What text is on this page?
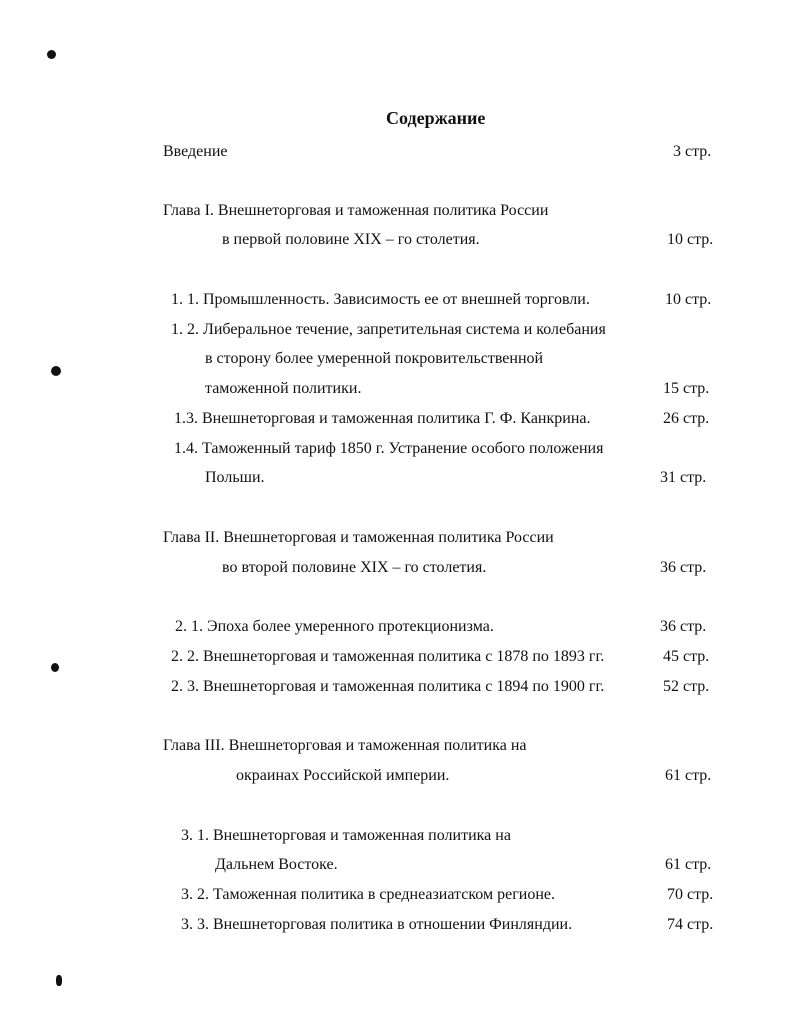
Содержание
Введение	3 стр.
Глава I. Внешнеторговая и таможенная политика России
в первой половине XIX – го столетия.	10 стр.
1. 1. Промышленность. Зависимость ее от внешней торговли.	10 стр.
1. 2. Либеральное течение, запретительная система и колебания
в сторону более умеренной покровительственной
таможенной политики.	15 стр.
1.3. Внешнеторговая и таможенная политика Г. Ф. Канкрина.	26 стр.
1.4. Таможенный тариф 1850 г. Устранение особого положения
Польши.	31 стр.
Глава II. Внешнеторговая и таможенная политика России
во второй половине XIX – го столетия.	36 стр.
2. 1. Эпоха более умеренного протекционизма.	36 стр.
2. 2. Внешнеторговая и таможенная политика с 1878 по 1893 гг.	45 стр.
2. 3. Внешнеторговая и таможенная политика с 1894 по 1900 гг.	52 стр.
Глава III. Внешнеторговая и таможенная политика на
окраинах Российской империи.	61 стр.
3. 1. Внешнеторговая и таможенная политика на
Дальнем Востоке.	61 стр.
3. 2. Таможенная политика в среднеазиатском регионе.	70 стр.
3. 3. Внешнеторговая политика в отношении Финляндии.	74 стр.
